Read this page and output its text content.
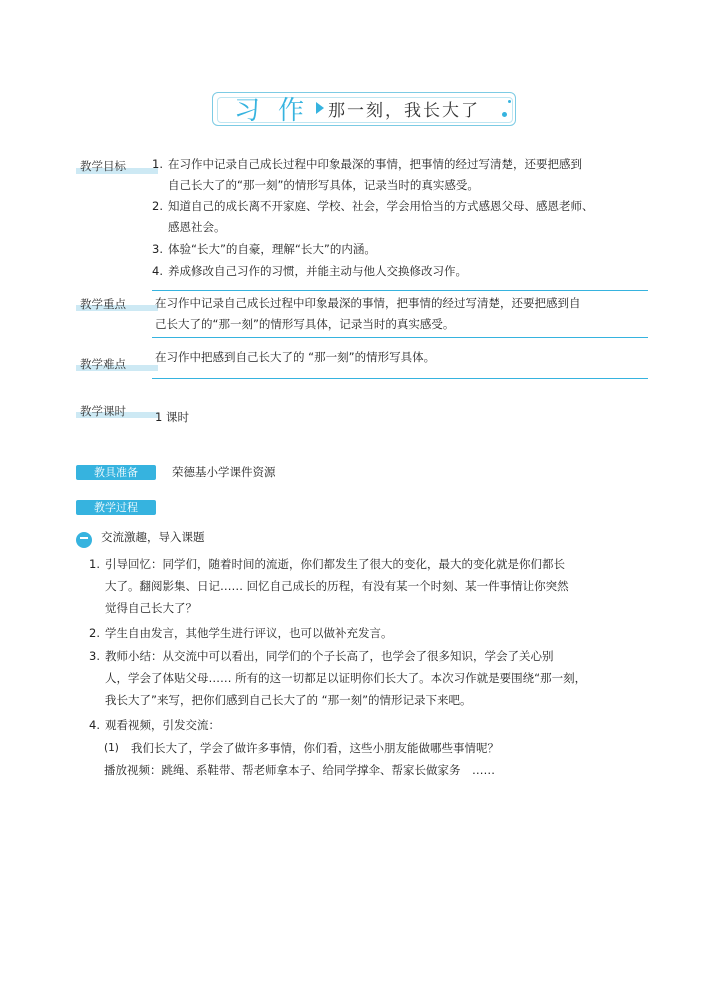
习作 那一刻，我长大了
教学目标 1. 在习作中记录自己成长过程中印象最深的事情，把事情的经过写清楚，还要把感到
自己长大了的“那一刻”的情形写具体，记录当时的真实感受。
2. 知道自己的成长离不开家庭、学校、社会，学会用恰当的方式感恩父母、感恩老师、
感恩社会。
3. 体验“长大”的自豪，理解“长大”的内涵。
4. 养成修改自己习作的习惯，并能主动与他人交换修改习作。
教学重点	在习作中记录自己成长过程中印象最深的事情，把事情的经过写清楚，还要把感到自
己长大了的“那一刻”的情形写具体，记录当时的真实感受。
教学难点	在习作中把感到自己长大了的 “那一刻”的情形写具体。
教学课时	1 课时
教具准备	荣德基小学课件资源
教学过程
交流激趣，导入课题
1. 引导回忆：同学们，随着时间的流逝，你们都发生了很大的变化，最大的变化就是你们都长
大了。翻阅影集、日记…… 回忆自己成长的历程，有没有某一个时刻、某一件事情让你突然
觉得自己长大了？
2. 学生自由发言，其他学生进行评议，也可以做补充发言。
3. 教师小结：从交流中可以看出，同学们的个子长高了，也学会了很多知识，学会了关心别
人，学会了体贴父母…… 所有的这一切都足以证明你们长大了。本次习作就是要围绕“那一刻，
我长大了”来写，把你们感到自己长大了的 “那一刻”的情形记录下来吧。
4. 观看视频，引发交流：
(1) 我们长大了，学会了做许多事情，你们看，这些小朋友能做哪些事情呢？
播放视频：跳绳、系鞋带、帮老师拿本子、给同学撑伞、帮家长做家务　……
